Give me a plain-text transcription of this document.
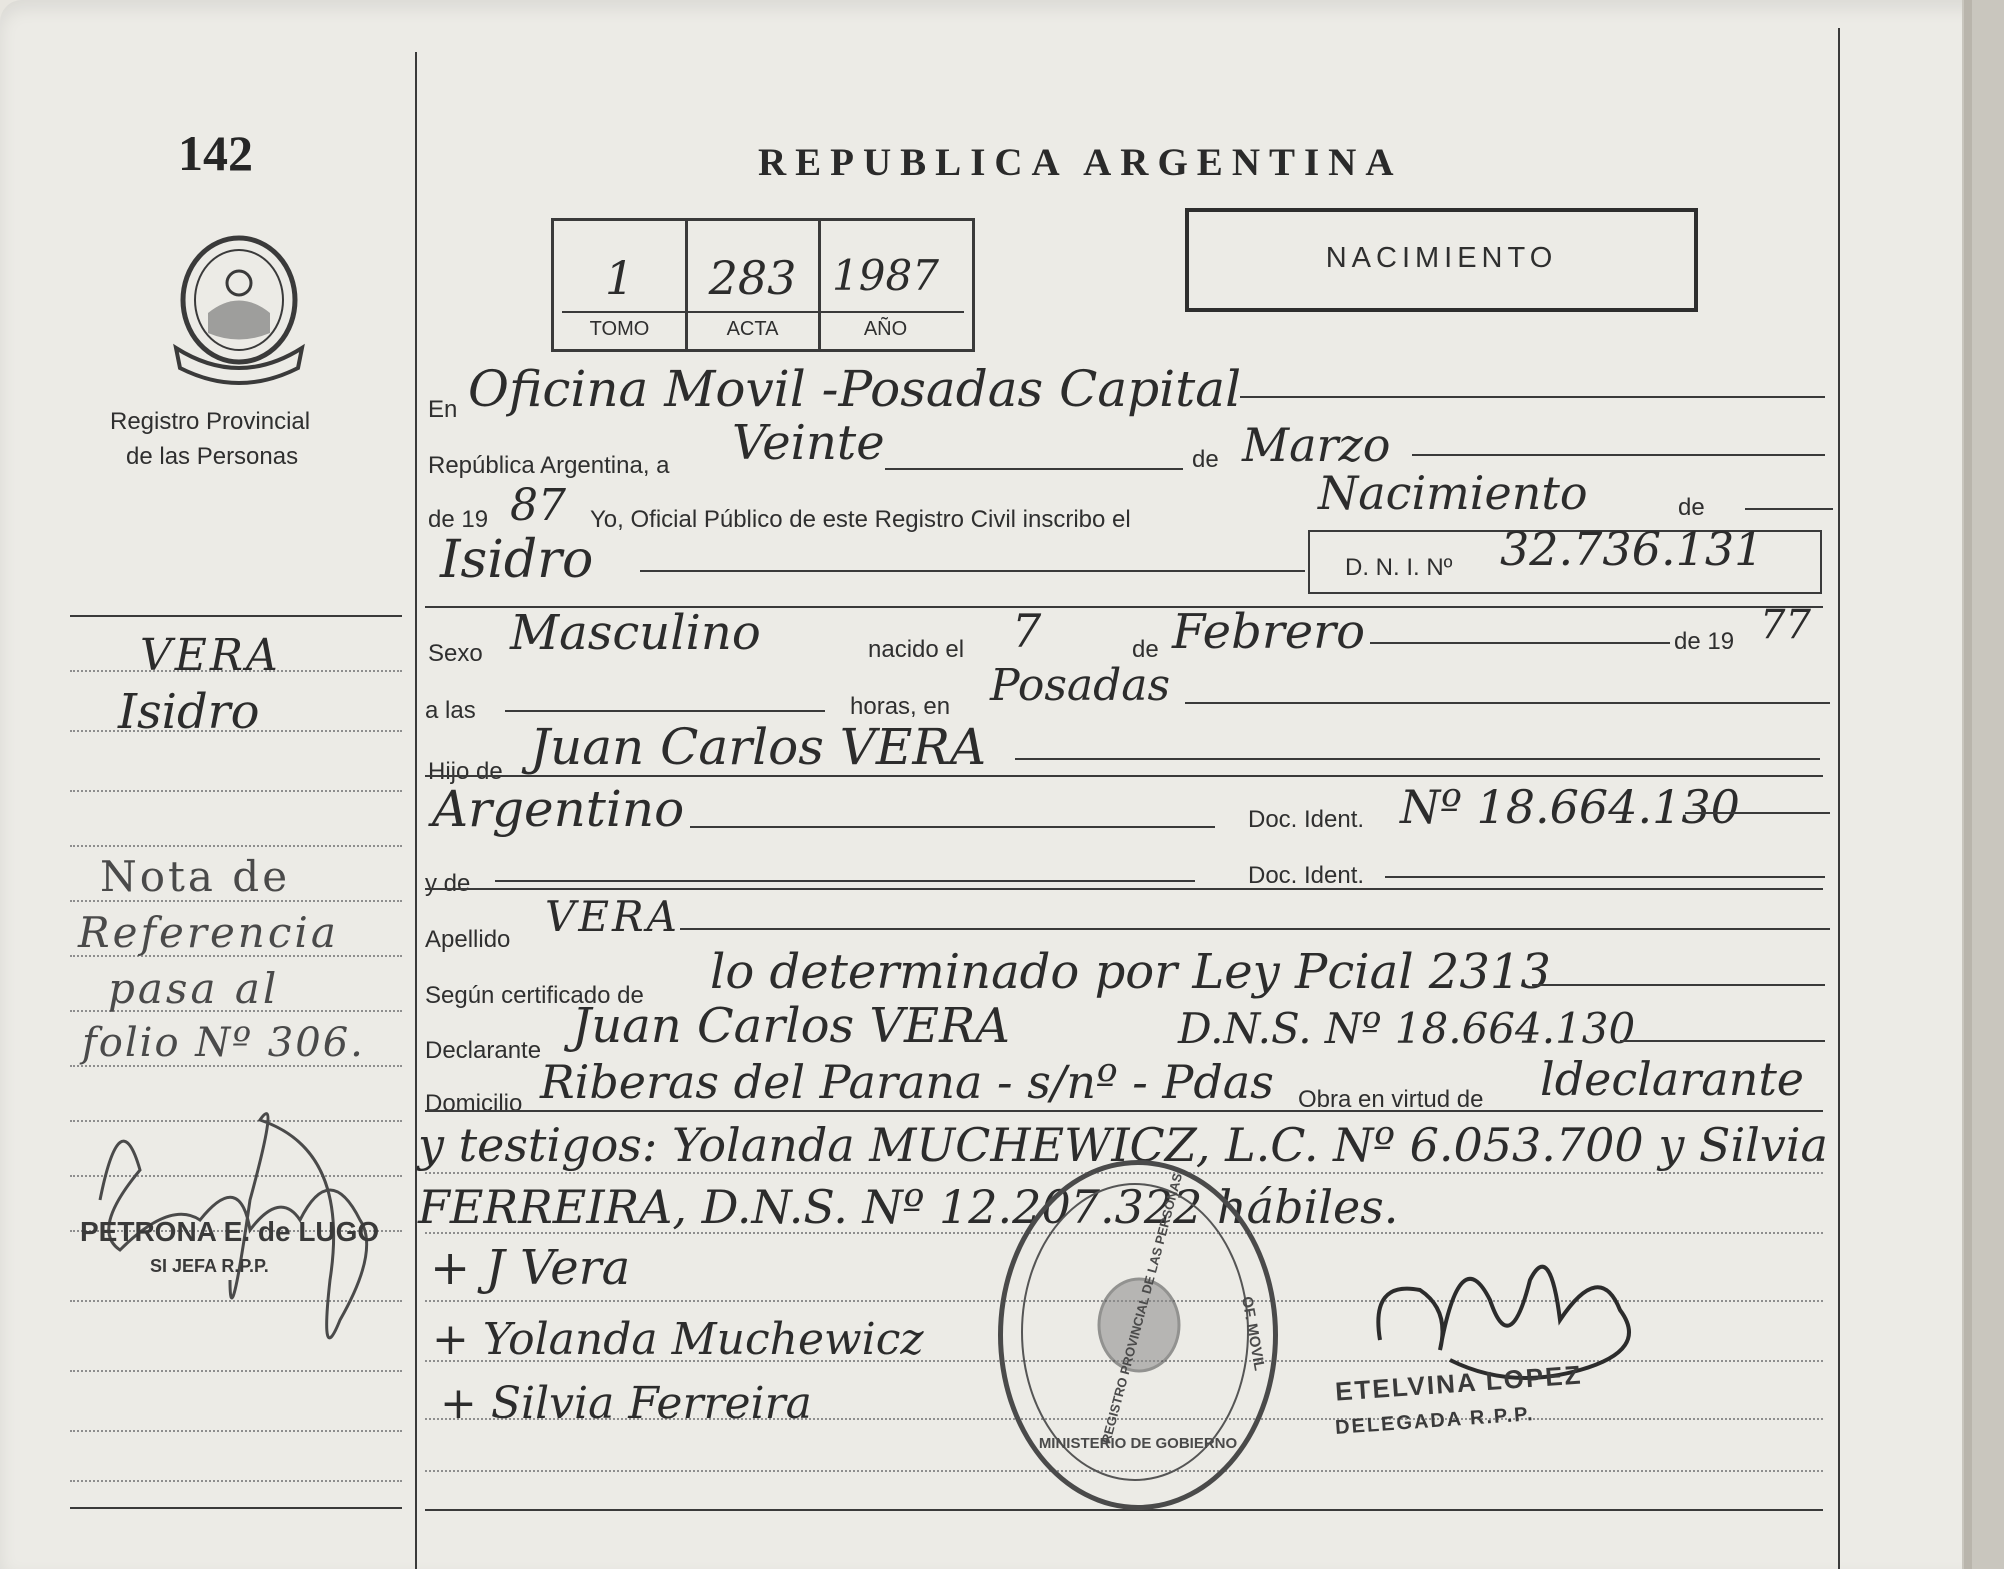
142
Registro Provincial
de las Personas
REPUBLICA ARGENTINA
1	283 1987
TOMO	ACTA	AÑO
NACIMIENTO
En Oficina Movil -Posadas Capital
República Argentina, a Veinte	de Marzo
de 19 87 Yo, Oficial Público de este Registro Civil inscribo el	Nacimiento	de
Isidro	D. N. I. Nº 32.736.131
Sexo Masculino	nacido el 7	de Febrero	de 19 77
a las	horas, en Posadas
Hijo de Juan Carlos VERA
Argentino	Doc. Ident. Nº 18.664.130
y de	Doc. Ident.
Apellido VERA
Según certificado de lo determinado por Ley Pcial 2313
Declarante Juan Carlos VERA	D.N.S. Nº 18.664.130
Domicilio Riberas del Parana - s/nº - Pdas Obra en virtud de ldeclarante
y testigos: Yolanda MUCHEWICZ, L.C. Nº 6.053.700 y Silvia
FERREIRA, D.N.S. Nº 12.207.322 hábiles.
+ J Vera
+ Yolanda Muchewicz
+ Silvia Ferreira
VERA
Isidro
Nota de
Referencia
pasa al
folio Nº 306.
PETRONA E. de LUGO
SI JEFA R.P.P.	REGISTRO PROVINCIAL DE LAS PERSONAS
MINISTERIO DE GOBIERNO
OF. MOVIL
ETELVINA LOPEZ
DELEGADA R.P.P.
